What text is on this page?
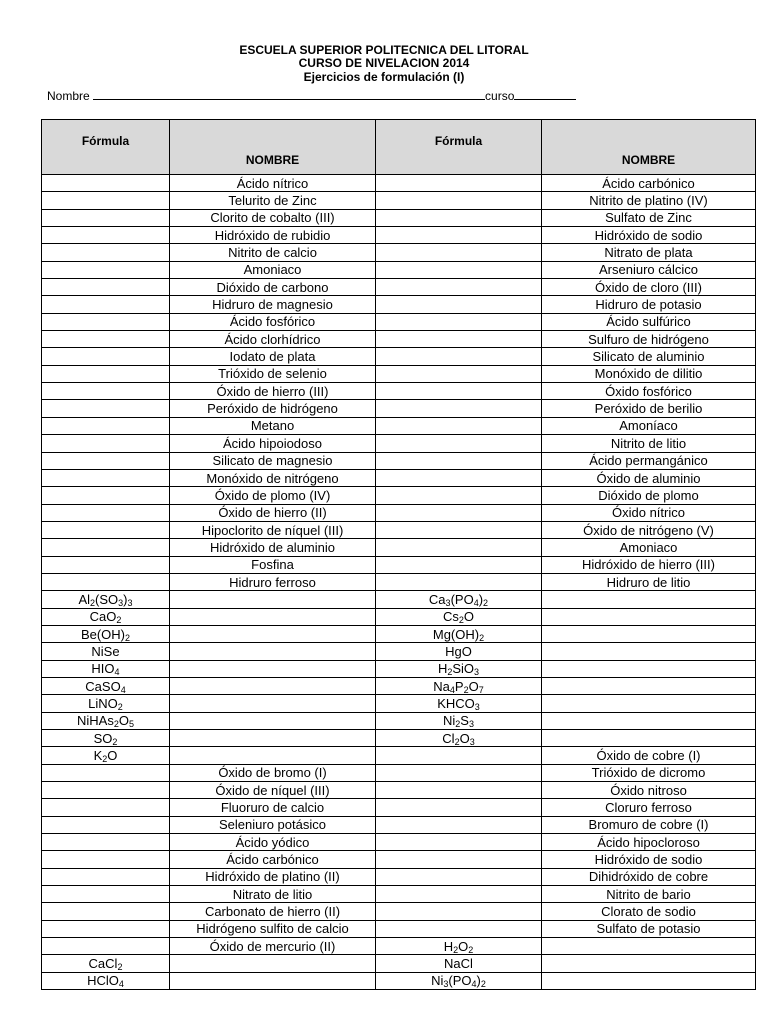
ESCUELA SUPERIOR POLITECNICA DEL LITORAL
CURSO DE NIVELACION 2014
Ejercicios de formulación (I)
Nombre	curso
Fórmula	NOMBRE	Fórmula	NOMBRE
	Ácido nítrico		Ácido carbónico
	Telurito de Zinc		Nitrito de platino (IV)
	Clorito de cobalto (III)		Sulfato de Zinc
	Hidróxido de rubidio		Hidróxido de sodio
	Nitrito de calcio		Nitrato de plata
	Amoniaco		Arseniuro cálcico
	Dióxido de carbono		Óxido de cloro (III)
	Hidruro de magnesio		Hidruro de potasio
	Ácido fosfórico		Ácido sulfúrico
	Ácido clorhídrico		Sulfuro de hidrógeno
	Iodato de plata		Silicato de aluminio
	Trióxido de selenio		Monóxido de dilitio
	Óxido de hierro (III)		Óxido fosfórico
	Peróxido de hidrógeno		Peróxido de berilio
	Metano		Amoníaco
	Ácido hipoiodoso		Nitrito de litio
	Silicato de magnesio		Ácido permangánico
	Monóxido de nitrógeno		Óxido de aluminio
	Óxido de plomo (IV)		Dióxido de plomo
	Óxido de hierro (II)		Óxido nítrico
	Hipoclorito de níquel (III)		Óxido de nitrógeno (V)
	Hidróxido de aluminio		Amoniaco
	Fosfina		Hidróxido de hierro (III)
	Hidruro ferroso		Hidruro de litio
$Al_2(SO_3)_3$		$Ca_3(PO_4)_2$	
CaO$_2$		$Cs_2O$	
$Be(OH)_2$		$Mg(OH)_2$	
NiSe		HgO	
$HIO_4$		$H_2SiO_3$	
CaSO$_4$		$Na_4P_2O_7$	
LiNO$_2$		$KHCO_3$	
$NiHAs_2O_5$		$Ni_2S_3$	
$SO_2$		$Cl_2O_3$	
$K_2O$			Óxido de cobre (I)
	Óxido de bromo (I)		Trióxido de dicromo
	Óxido de níquel (III)		Óxido nitroso
	Fluoruro de calcio		Cloruro ferroso
	Seleniuro potásico		Bromuro de cobre (I)
	Ácido yódico		Ácido hipocloroso
	Ácido carbónico		Hidróxido de sodio
	Hidróxido de platino (II)		Dihidróxido de cobre
	Nitrato de litio		Nitrito de bario
	Carbonato de hierro (II)		Clorato de sodio
	Hidrógeno sulfito de calcio		Sulfato de potasio
	Óxido de mercurio (II)	$H_2O_2$	
CaCl$_2$		NaCl	
HClO$_4$		$Ni_3(PO_4)_2$	
